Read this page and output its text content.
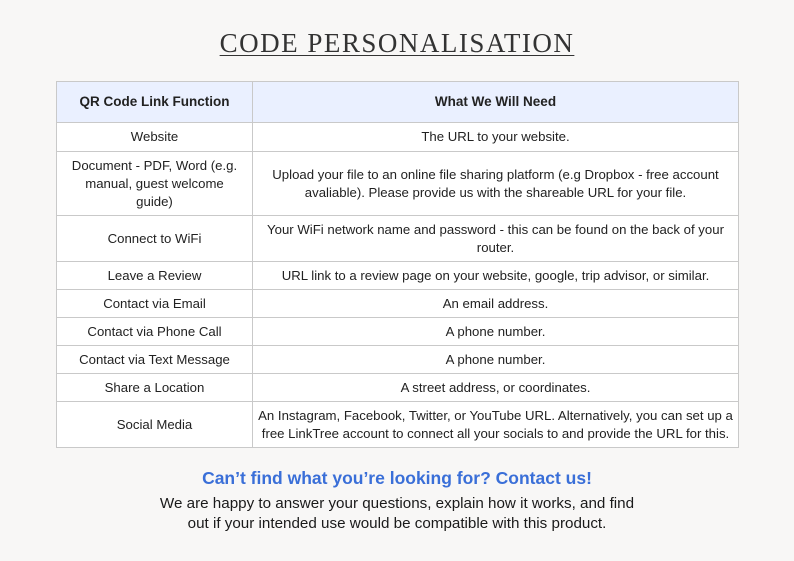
CODE PERSONALISATION
QR Code Link Function	What We Will Need
Website	The URL to your website.
Document - PDF, Word (e.g. manual, guest welcome guide)	Upload your file to an online file sharing platform (e.g Dropbox - free account avaliable). Please provide us with the shareable URL for your file.
Connect to WiFi	Your WiFi network name and password - this can be found on the back of your router.
Leave a Review	URL link to a review page on your website, google, trip advisor, or similar.
Contact via Email	An email address.
Contact via Phone Call	A phone number.
Contact via Text Message	A phone number.
Share a Location	A street address, or coordinates.
Social Media	An Instagram, Facebook, Twitter, or YouTube URL. Alternatively, you can set up a free LinkTree account to connect all your socials to and provide the URL for this.
Can’t find what you’re looking for? Contact us!
We are happy to answer your questions, explain how it works, and find out if your intended use would be compatible with this product.
